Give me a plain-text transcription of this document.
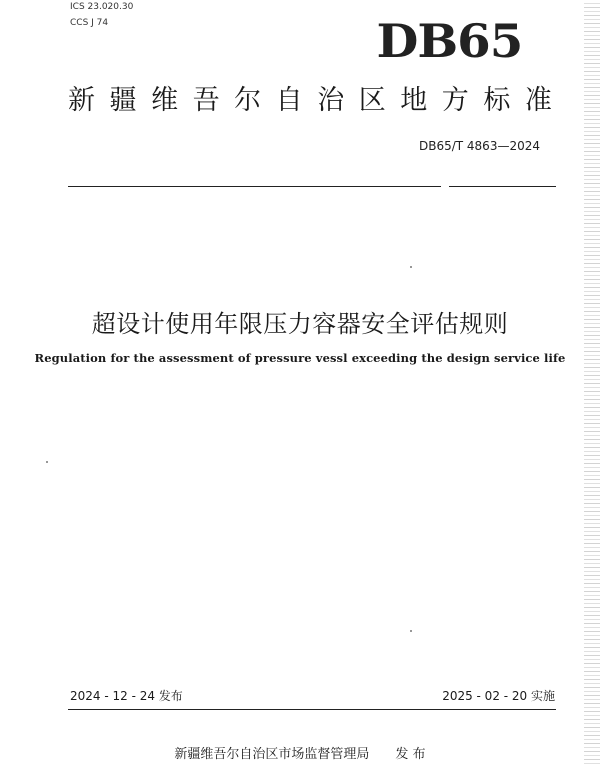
ICS 23.020.30
CCS J 74	DB65
新 疆 维 吾 尔 自 治 区 地 方 标 准
DB65/T 4863—2024
超设计使用年限压力容器安全评估规则
Regulation for the assessment of pressure vessl exceeding the design service life
2024 - 12 - 24 发布	2025 - 02 - 20 实施
新疆维吾尔自治区市场监督管理局　　发 布
